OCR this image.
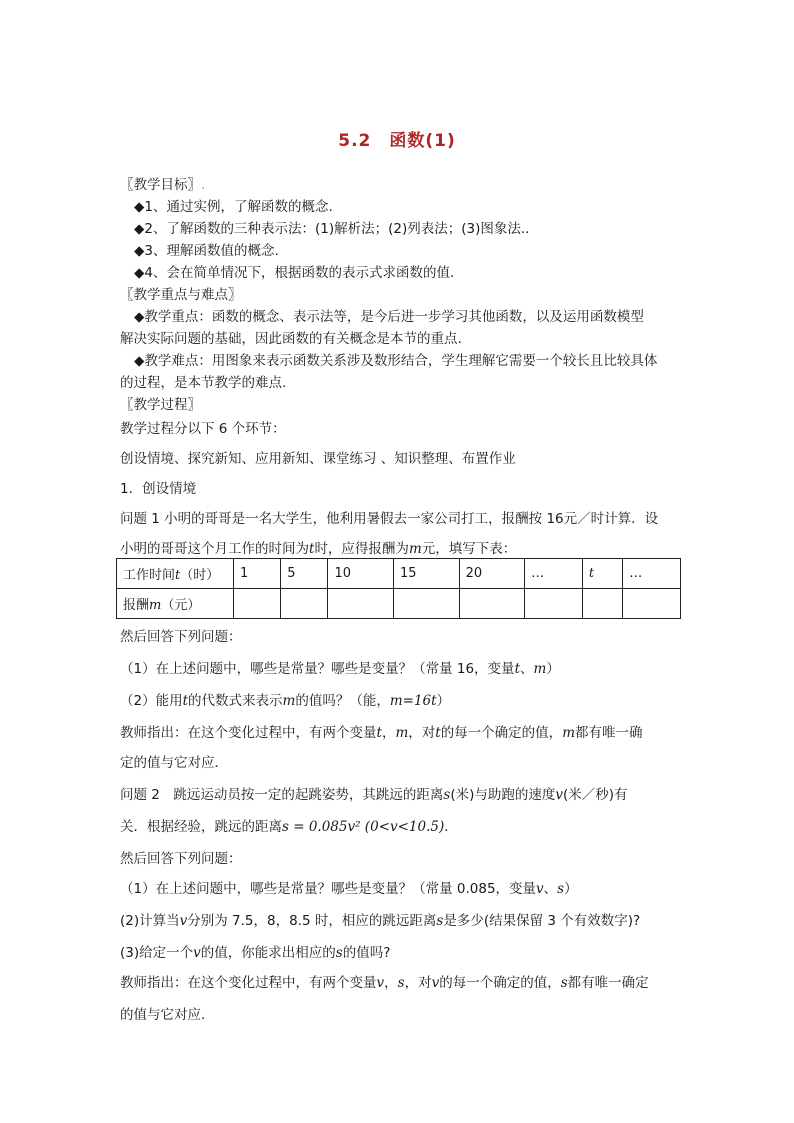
5.2　函数(1)
〖教学目标〗.
◆1、通过实例，了解函数的概念.
◆2、了解函数的三种表示法：(1)解析法；(2)列表法；(3)图象法..
◆3、理解函数值的概念.
◆4、会在简单情况下，根据函数的表示式求函数的值.
〖教学重点与难点〗
◆教学重点：函数的概念、表示法等，是今后进一步学习其他函数，以及运用函数模型
解决实际问题的基础，因此函数的有关概念是本节的重点.
◆教学难点：用图象来表示函数关系涉及数形结合，学生理解它需要一个较长且比较具体
的过程，是本节教学的难点.
〖教学过程〗
教学过程分以下 6 个环节：
创设情境、探究新知、应用新知、课堂练习 、知识整理、布置作业
1．创设情境
问题 1 小明的哥哥是一名大学生，他利用暑假去一家公司打工，报酬按 16元／时计算．设
小明的哥哥这个月工作的时间为t时，应得报酬为m元，填写下表：
工作时间t（时）	1	5	10	15	20	…	t	…
报酬m（元）								
然后回答下列问题：
（1）在上述问题中，哪些是常量？哪些是变量？（常量 16，变量t、m）
（2）能用t的代数式来表示m的值吗？（能，m=16t）
教师指出：在这个变化过程中，有两个变量t，m，对t的每一个确定的值，m都有唯一确
定的值与它对应．
问题 2　跳远运动员按一定的起跳姿势，其跳远的距离s(米)与助跑的速度v(米／秒)有
关．根据经验，跳远的距离s = 0.085v² (0<v<10.5)．
然后回答下列问题：
（1）在上述问题中，哪些是常量？哪些是变量？（常量 0.085，变量v、s）
(2)计算当v分别为 7.5，8，8.5 时，相应的跳远距离s是多少(结果保留 3 个有效数字)?
(3)给定一个v的值，你能求出相应的s的值吗?
教师指出：在这个变化过程中，有两个变量v，s，对v的每一个确定的值，s都有唯一确定
的值与它对应．
